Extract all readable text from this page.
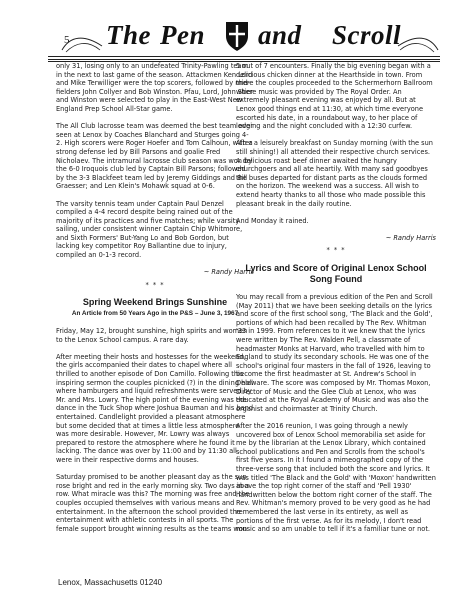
5 The Pen and Scroll

only 31, losing only to an undefeated Trinity-Pawling team in the next to last game of the season. Attackmen Ken Lord and Mike Terwilliger were the top scorers, followed by mid-fielders John Collyer and Bob Winston. Pfau, Lord, John Stier and Winston were selected to play in the East-West New England Prep School All-Star game.

The All Club lacrosse team was deemed the best team ever seen at Lenox by Coaches Blanchard and Sturges going 4-2. High scorers were Roger Hoefer and Tom Calhoun, with a strong defense led by Bill Parsons and goalie Fred Nicholaev. The intramural lacrosse club season was won by the 6-0 Iroquois club led by Captain Bill Parsons; followed by the 3-3 Blackfeet team led by Jeremy Giddings and Bill Graesser; and Len Klein's Mohawk squad at 0-6.

The varsity tennis team under Captain Paul Denzel compiled a 4-4 record despite being rained out of the majority of its practices and five matches; while varsity sailing, under consistent winner Captain Chip Whitmore, and Sixth Formers' But-Yang Lo and Bob Gordon, but lacking key competitor Roy Ballantine due to injury, compiled an 0-1-3 record.

~ Randy Harris
* * *
Spring Weekend Brings Sunshine
An Article from 50 Years Ago in the P&S – June 3, 1967

Friday, May 12, brought sunshine, high spirits and women to the Lenox School campus. A rare day.

After meeting their hosts and hostesses for the weekend, the girls accompanied their dates to chapel where all thrilled to another episode of Don Camillo. Following this inspiring sermon the couples picnicked (?) in the dining hall where hamburgers and liquid refreshments were served by Mr. and Mrs. Lowry. The high point of the evening was the dance in the Tuck Shop where Joshua Bauman and his band entertained. Candlelight provided a pleasant atmosphere but some decided that at times a little less atmosphere was more desirable. However, Mr. Lowry was always prepared to restore the atmosphere where he found it lacking. The dance was over by 11:00 and by 11:30 all were in their respective dorms and houses.

Saturday promised to be another pleasant day as the sun rose bright and red in the early morning sky. Two days in a row. What miracle was this? The morning was free and the couples occupied themselves with various means and entertainment. In the afternoon the school provided the entertainment with athletic contests in all sports. The female support brought winning results as the teams won

5 out of 7 encounters. Finally the big evening began with a delicious chicken dinner at the Hearthside in town. From there the couples proceeded to the Schermerhorn Ballroom where music was provided by The Royal Order. An extremely pleasant evening was enjoyed by all. But at Lenox good things end at 11:30, at which time everyone escorted his date, in a roundabout way, to her place of lodging and the night concluded with a 12:30 curfew.

After a leisurely breakfast on Sunday morning (with the sun still shining!) all attended their respective church services. A delicious roast beef dinner awaited the hungry churchgoers and all ate heartily. With many sad goodbyes the buses departed for distant parts as the clouds formed on the horizon. The weekend was a success. All wish to extend hearty thanks to all those who made possible this pleasant break in the daily routine.

And Monday it rained.

~ Randy Harris
* * *
Lyrics and Score of Original Lenox School Song Found

You may recall from a previous edition of the Pen and Scroll (May 2011) that we have been seeking details on the lyrics and score of the first school song, 'The Black and the Gold', portions of which had been recalled by The Rev. Whitman '33 in 1999. From references to it we knew that the lyrics were written by The Rev. Walden Pell, a classmate of headmaster Monks at Harvard, who travelled with him to England to study its secondary schools. He was one of the school's original four masters in the fall of 1926, leaving to become the first headmaster at St. Andrew's School in Delaware. The score was composed by Mr. Thomas Moxon, Director of Music and the Glee Club at Lenox, who was educated at the Royal Academy of Music and was also the organist and choirmaster at Trinity Church.

After the 2016 reunion, I was going through a newly uncovered box of Lenox School memorabilia set aside for me by the librarian at the Lenox Library, which contained school publications and Pen and Scrolls from the school's first five years. In it I found a mimeographed copy of the three-verse song that included both the score and lyrics. It was titled 'The Black and the Gold' with 'Moxon' handwritten above the top right corner of the staff and 'Pell 1930' handwritten below the bottom right corner of the staff. The Rev. Whitman's memory proved to be very good as he had remembered the last verse in its entirety, as well as portions of the first verse. As for its melody, I don't read music and so am unable to tell if it's a familiar tune or not.

Lenox, Massachusetts 01240
